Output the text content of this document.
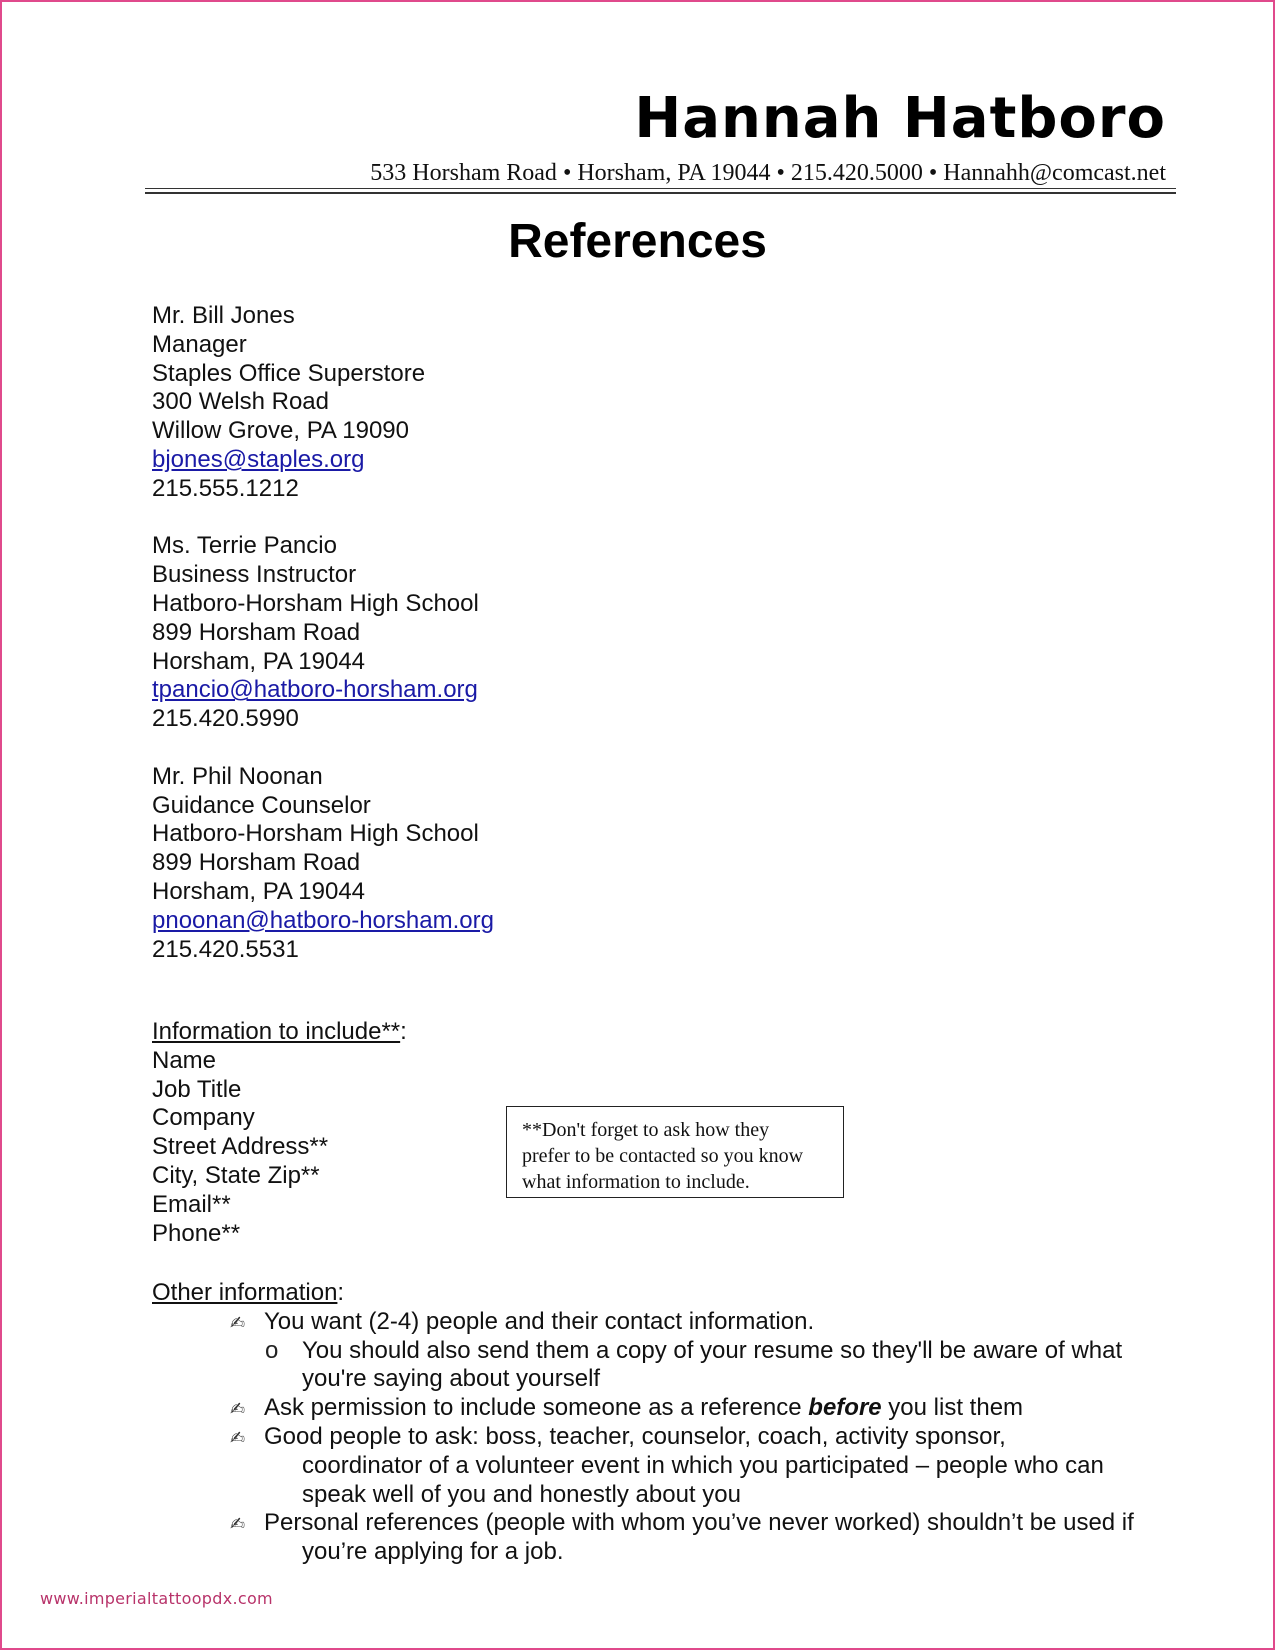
Hannah Hatboro
533 Horsham Road • Horsham, PA 19044 • 215.420.5000 • Hannahh@comcast.net
References
Mr. Bill Jones
Manager
Staples Office Superstore
300 Welsh Road
Willow Grove, PA 19090
bjones@staples.org
215.555.1212
Ms. Terrie Pancio
Business Instructor
Hatboro-Horsham High School
899 Horsham Road
Horsham, PA 19044
tpancio@hatboro-horsham.org
215.420.5990
Mr. Phil Noonan
Guidance Counselor
Hatboro-Horsham High School
899 Horsham Road
Horsham, PA 19044
pnoonan@hatboro-horsham.org
215.420.5531
Information to include**:
Name
Job Title
Company
Street Address**
City, State Zip**
Email**
Phone**
**Don't forget to ask how they
prefer to be contacted so you know
what information to include.
Other information:
✍ You want (2-4) people and their contact information.
o You should also send them a copy of your resume so they'll be aware of what
you're saying about yourself
✍ Ask permission to include someone as a reference before you list them
✍ Good people to ask: boss, teacher, counselor, coach, activity sponsor,
coordinator of a volunteer event in which you participated – people who can
speak well of you and honestly about you
✍ Personal references (people with whom you’ve never worked) shouldn’t be used if
you’re applying for a job.
www.imperialtattoopdx.com
